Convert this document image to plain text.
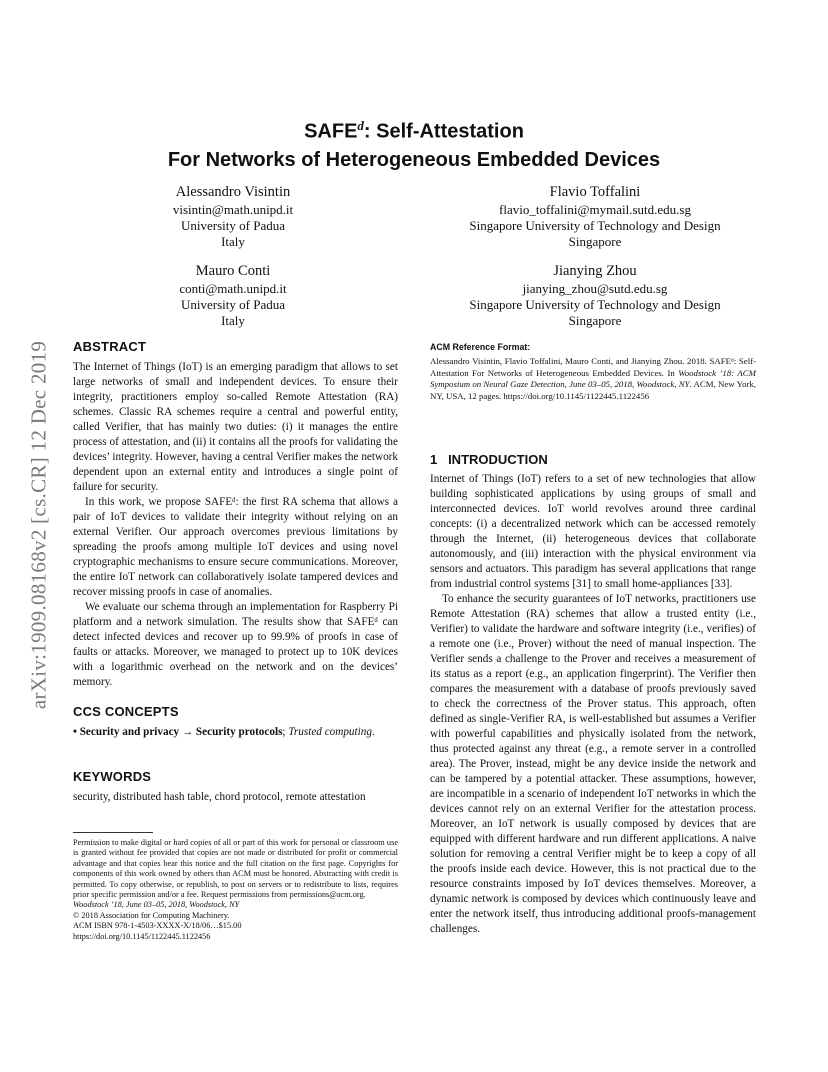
arXiv:1909.08168v2 [cs.CR] 12 Dec 2019
SAFE$^d$: Self-Attestation
For Networks of Heterogeneous Embedded Devices
Alessandro Visintin
visintin@math.unipd.it
University of Padua
Italy
Flavio Toffalini
flavio_toffalini@mymail.sutd.edu.sg
Singapore University of Technology and Design
Singapore
Mauro Conti
conti@math.unipd.it
University of Padua
Italy
Jianying Zhou
jianying_zhou@sutd.edu.sg
Singapore University of Technology and Design
Singapore
ABSTRACT

The Internet of Things (IoT) is an emerging paradigm that allows to set large networks of small and independent devices. To ensure their integrity, practitioners employ so-called Remote Attestation (RA) schemes. Classic RA schemes require a central and powerful entity, called Verifier, that has mainly two duties: (i) it manages the entire process of attestation, and (ii) it contains all the proofs for validating the devices’ integrity. However, having a central Verifier makes the network dependent upon an external entity and introduces a single point of failure for security.

In this work, we propose SAFEᵈ: the first RA schema that allows a pair of IoT devices to validate their integrity without relying on an external Verifier. Our approach overcomes previous limitations by spreading the proofs among multiple IoT devices and using novel cryptographic mechanisms to ensure secure communications. Moreover, the entire IoT network can collaboratively isolate tampered devices and recover missing proofs in case of anomalies.

We evaluate our schema through an implementation for Raspberry Pi platform and a network simulation. The results show that SAFEᵈ can detect infected devices and recover up to 99.9% of proofs in case of faults or attacks. Moreover, we managed to protect up to 10K devices with a logarithmic overhead on the network and on the devices’ memory.

CCS CONCEPTS

• Security and privacy → Security protocols; Trusted computing.

KEYWORDS

security, distributed hash table, chord protocol, remote attestation

Permission to make digital or hard copies of all or part of this work for personal or classroom use is granted without fee provided that copies are not made or distributed for profit or commercial advantage and that copies bear this notice and the full citation on the first page. Copyrights for components of this work owned by others than ACM must be honored. Abstracting with credit is permitted. To copy otherwise, or republish, to post on servers or to redistribute to lists, requires prior specific permission and/or a fee. Request permissions from permissions@acm.org.
Woodstock ’18, June 03–05, 2018, Woodstock, NY
© 2018 Association for Computing Machinery.
ACM ISBN 978-1-4503-XXXX-X/18/06…$15.00
https://doi.org/10.1145/1122445.1122456
ACM Reference Format:
Alessandro Visintin, Flavio Toffalini, Mauro Conti, and Jianying Zhou. 2018. SAFEᵈ: Self-Attestation For Networks of Heterogeneous Embedded Devices. In Woodstock ’18: ACM Symposium on Neural Gaze Detection, June 03–05, 2018, Woodstock, NY. ACM, New York, NY, USA, 12 pages. https://doi.org/10.1145/1122445.1122456
1   INTRODUCTION

Internet of Things (IoT) refers to a set of new technologies that allow building sophisticated applications by using groups of small and interconnected devices. IoT world revolves around three cardinal concepts: (i) a decentralized network which can be accessed remotely through the Internet, (ii) heterogeneous devices that collaborate autonomously, and (iii) interaction with the physical environment via sensors and actuators. This paradigm has several applications that range from industrial control systems [31] to small home-appliances [33].

To enhance the security guarantees of IoT networks, practitioners use Remote Attestation (RA) schemes that allow a trusted entity (i.e., Verifier) to validate the hardware and software integrity (i.e., verifies) of a remote one (i.e., Prover) without the need of manual inspection. The Verifier sends a challenge to the Prover and receives a measurement of its status as a report (e.g., an application fingerprint). The Verifier then compares the measurement with a database of proofs previously saved to check the correctness of the Prover status. This approach, often defined as single-Verifier RA, is well-established but assumes a Verifier with powerful capabilities and physically isolated from the network, thus protected against any threat (e.g., a remote server in a controlled area). The Prover, instead, might be any device inside the network and can be tampered by a potential attacker. These assumptions, however, are incompatible in a scenario of independent IoT networks in which the devices cannot rely on an external Verifier for the attestation process. Moreover, an IoT network is usually composed by devices that are equipped with different hardware and run different applications. A naive solution for removing a central Verifier might be to keep a copy of all the proofs inside each device. However, this is not practical due to the resource constraints imposed by IoT devices themselves. Moreover, a dynamic network is composed by devices which continuously leave and enter the network itself, thus introducing additional proofs-management challenges.
